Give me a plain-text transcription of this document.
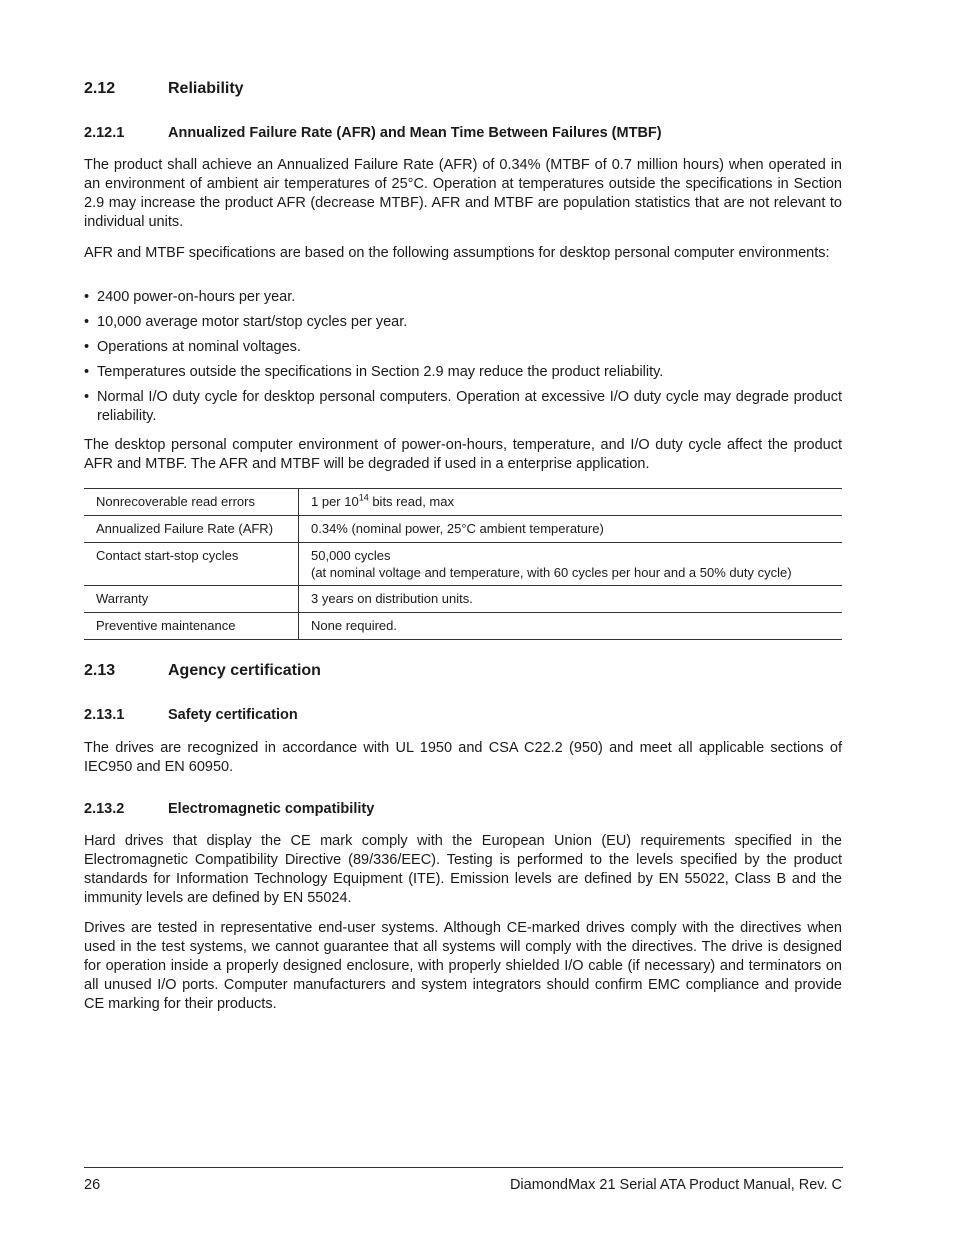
2.12	Reliability
2.12.1	Annualized Failure Rate (AFR) and Mean Time Between Failures (MTBF)
The product shall achieve an Annualized Failure Rate (AFR) of 0.34% (MTBF of 0.7 million hours) when operated in an environment of ambient air temperatures of 25°C. Operation at temperatures outside the specifications in Section 2.9 may increase the product AFR (decrease MTBF). AFR and MTBF are population statistics that are not relevant to individual units.
AFR and MTBF specifications are based on the following assumptions for desktop personal computer environments:
• 2400 power-on-hours per year.
• 10,000 average motor start/stop cycles per year.
• Operations at nominal voltages.
• Temperatures outside the specifications in Section 2.9 may reduce the product reliability.
• Normal I/O duty cycle for desktop personal computers. Operation at excessive I/O duty cycle may degrade product reliability.
The desktop personal computer environment of power-on-hours, temperature, and I/O duty cycle affect the product AFR and MTBF. The AFR and MTBF will be degraded if used in a enterprise application.
Nonrecoverable read errors	1 per $10^{14}$ bits read, max
Annualized Failure Rate (AFR)	0.34% (nominal power, 25°C ambient temperature)
Contact start-stop cycles	50,000 cycles
(at nominal voltage and temperature, with 60 cycles per hour and a 50% duty cycle)

Warranty	3 years on distribution units.
Preventive maintenance	None required.
2.13	Agency certification
2.13.1	Safety certification
The drives are recognized in accordance with UL 1950 and CSA C22.2 (950) and meet all applicable sections of IEC950 and EN 60950.
2.13.2	Electromagnetic compatibility
Hard drives that display the CE mark comply with the European Union (EU) requirements specified in the Electromagnetic Compatibility Directive (89/336/EEC). Testing is performed to the levels specified by the product standards for Information Technology Equipment (ITE). Emission levels are defined by EN 55022, Class B and the immunity levels are defined by EN 55024.
Drives are tested in representative end-user systems. Although CE-marked drives comply with the directives when used in the test systems, we cannot guarantee that all systems will comply with the directives. The drive is designed for operation inside a properly designed enclosure, with properly shielded I/O cable (if necessary) and terminators on all unused I/O ports. Computer manufacturers and system integrators should confirm EMC compliance and provide CE marking for their products.
26	DiamondMax 21 Serial ATA Product Manual, Rev. C
